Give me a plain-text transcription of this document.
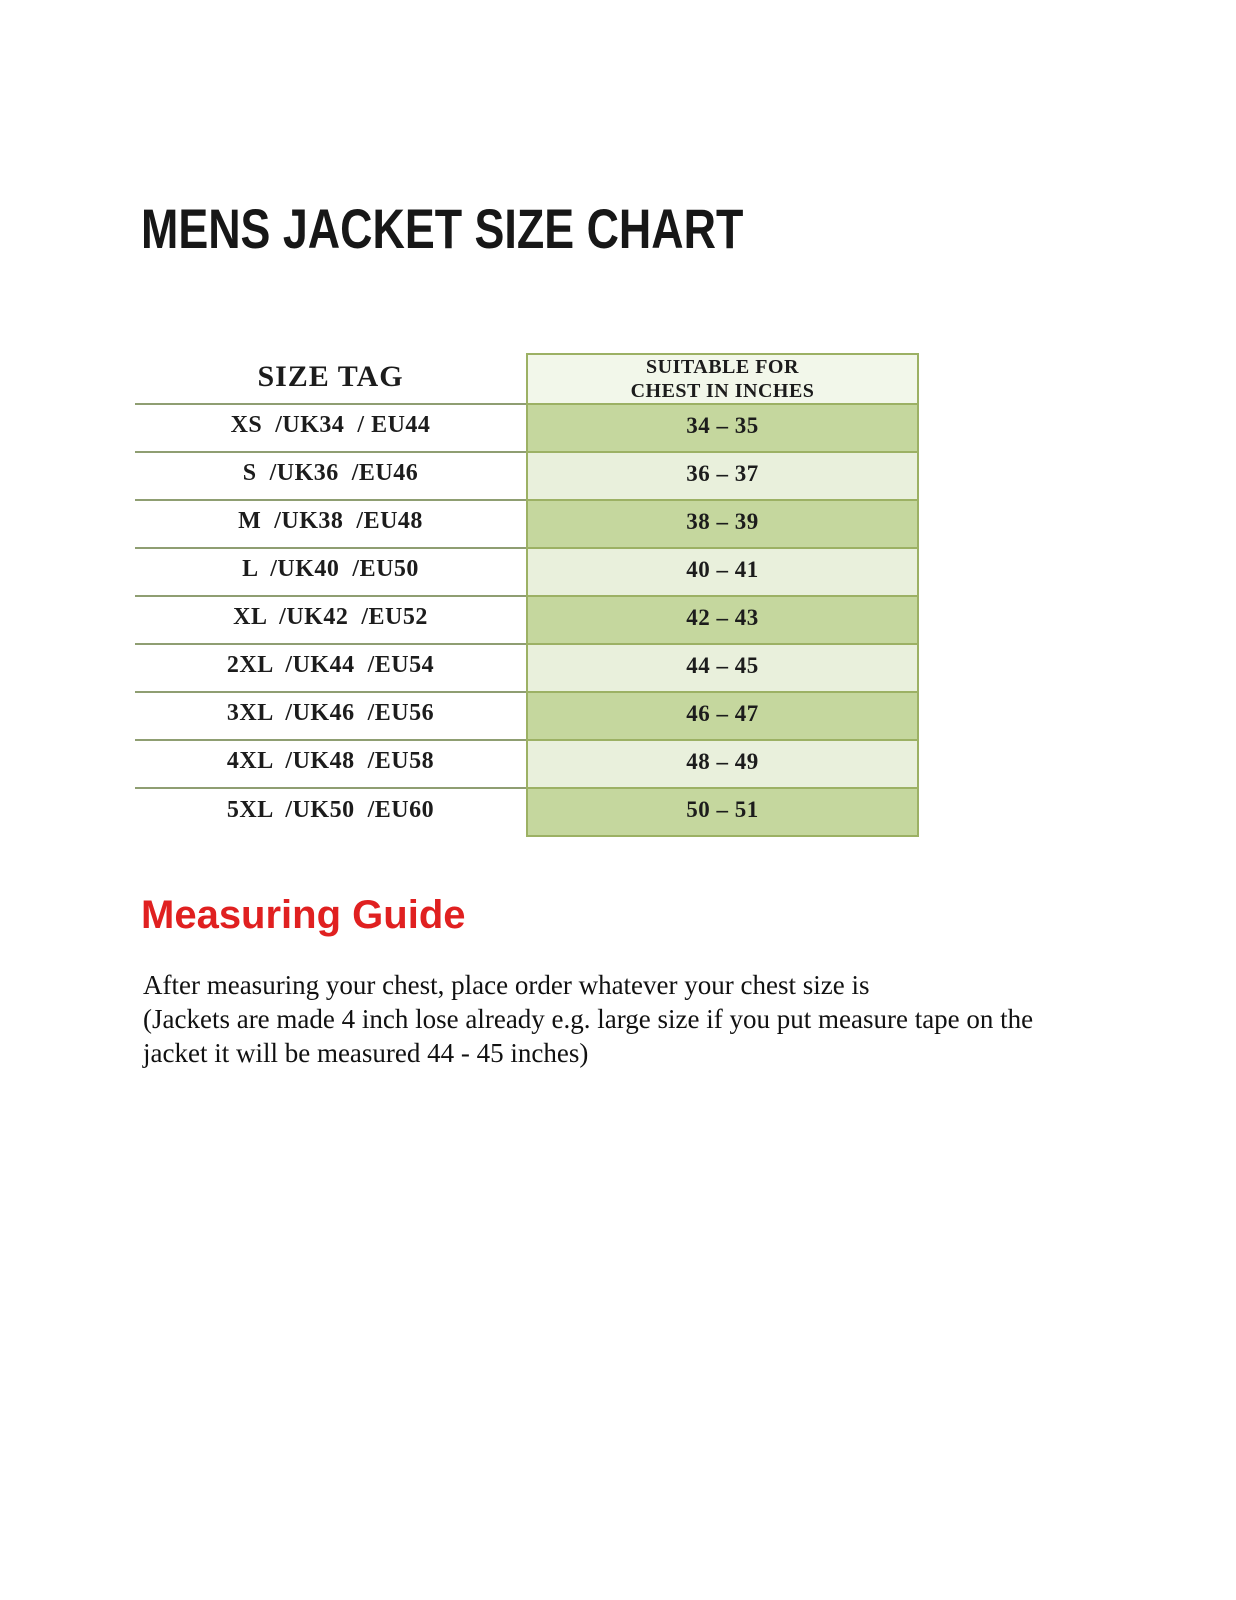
MENS JACKET SIZE CHART
SIZE TAG	SUITABLE FOR
CHEST IN INCHES
XS  /UK34  / EU44	34 – 35
S  /UK36  /EU46	36 – 37
M  /UK38  /EU48	38 – 39
L  /UK40  /EU50	40 – 41
XL  /UK42  /EU52	42 – 43
2XL  /UK44  /EU54	44 – 45
3XL  /UK46  /EU56	46 – 47
4XL  /UK48  /EU58	48 – 49
5XL  /UK50  /EU60	50 – 51
Measuring Guide
After measuring your chest, place order whatever your chest size is
(Jackets are made 4 inch lose already e.g. large size if you put measure tape on the
jacket it will be measured 44 - 45 inches)
